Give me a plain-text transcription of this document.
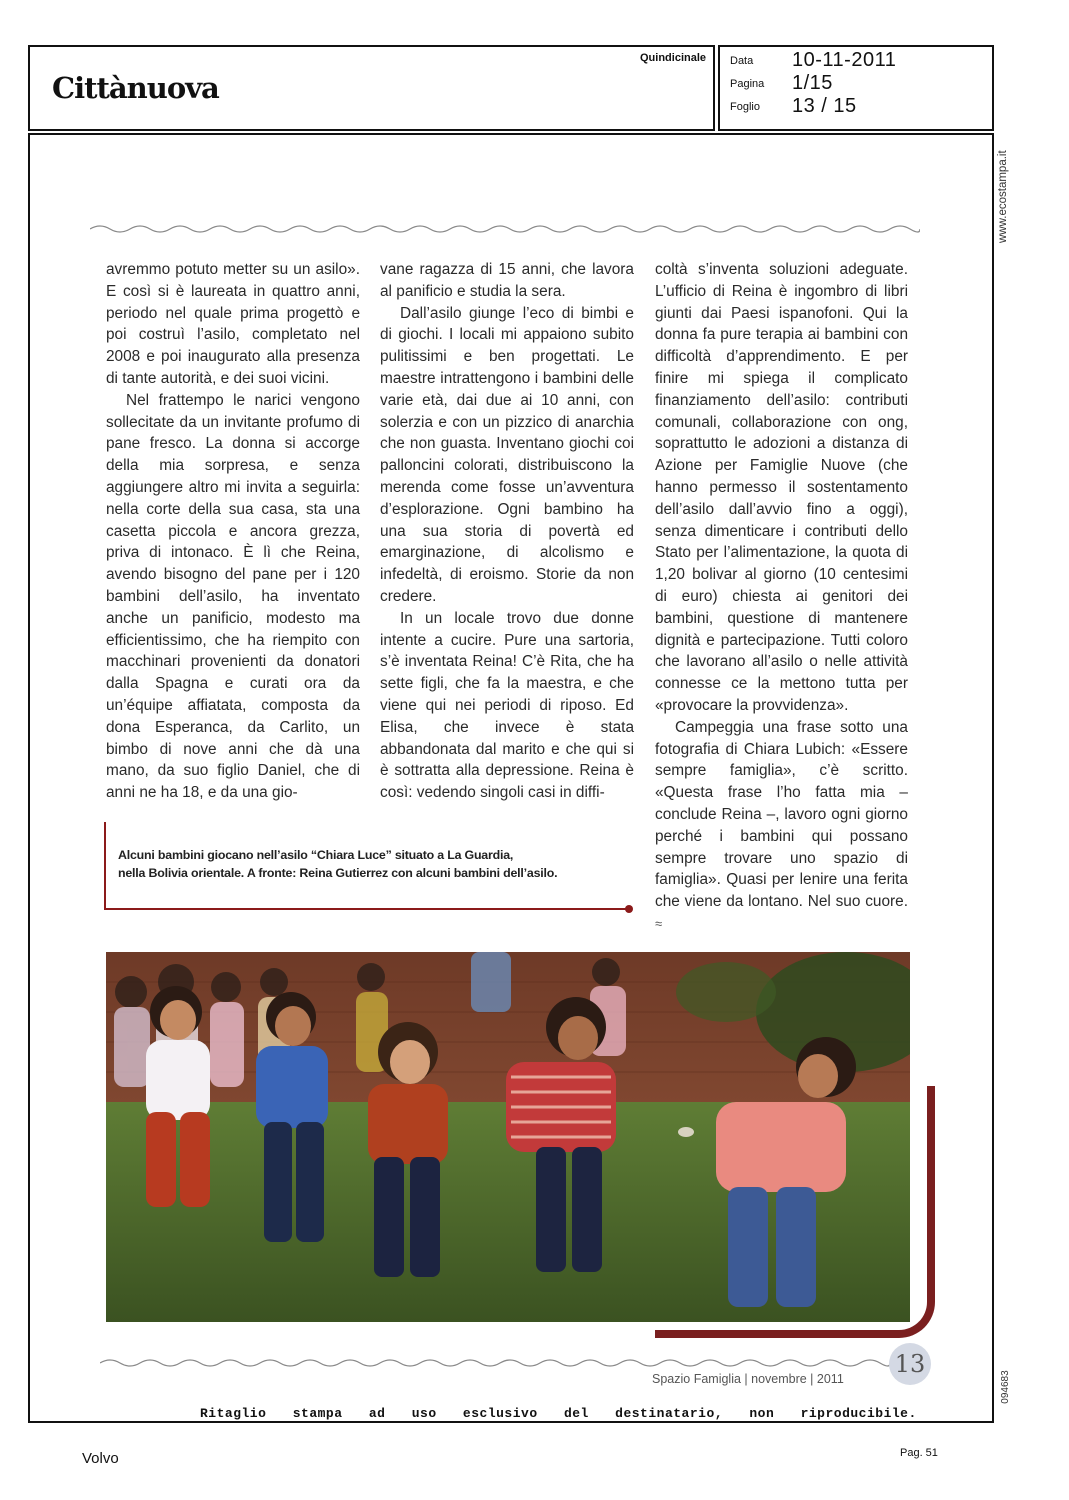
Cittànuova
Quindicinale Data 10-11-2011
Pagina 1/15
Foglio 13 / 15
www.ecostampa.it
094683

avremmo potuto metter su un asilo». E così si è laureata in quattro anni, periodo nel quale prima progettò e poi costruì l’asilo, completato nel 2008 e poi inaugurato alla presenza di tante autorità, e dei suoi vicini.

Nel frattempo le narici vengono sollecitate da un invitante profumo di pane fresco. La donna si accorge della mia sorpresa, e senza aggiungere altro mi invita a seguirla: nella corte della sua casa, sta una casetta piccola e ancora grezza, priva di intonaco. È lì che Reina, avendo bisogno del pane per i 120 bambini dell’asilo, ha inventato anche un panificio, modesto ma efficientissimo, che ha riempito con macchinari provenienti da donatori dalla Spagna e curati ora da un’équipe affiatata, composta da dona Esperanca, da Carlito, un bimbo di nove anni che dà una mano, da suo figlio Daniel, che di anni ne ha 18, e da una gio-

vane ragazza di 15 anni, che lavora al panificio e studia la sera.

Dall’asilo giunge l’eco di bimbi e di giochi. I locali mi appaiono subito pulitissimi e ben progettati. Le maestre intrattengono i bambini delle varie età, dai due ai 10 anni, con solerzia e con un pizzico di anarchia che non guasta. Inventano giochi coi palloncini colorati, distribuiscono la merenda come fosse un’avventura d’esplorazione. Ogni bambino ha una sua storia di povertà ed emarginazione, di alcolismo e infedeltà, di eroismo. Storie da non credere.

In un locale trovo due donne intente a cucire. Pure una sartoria, s’è inventata Reina! C’è Rita, che ha sette figli, che fa la maestra, e che viene qui nei periodi di riposo. Ed Elisa, che invece è stata abbandonata dal marito e che qui si è sottratta alla depressione. Reina è così: vedendo singoli casi in diffi-

coltà s’inventa soluzioni adeguate. L’ufficio di Reina è ingombro di libri giunti dai Paesi ispanofoni. Qui la donna fa pure terapia ai bambini con difficoltà d’apprendimento. E per finire mi spiega il complicato finanziamento dell’asilo: contributi comunali, collaborazione con ong, soprattutto le adozioni a distanza di Azione per Famiglie Nuove (che hanno permesso il sostentamento dell’asilo dall’avvio fino a oggi), senza dimenticare i contributi dello Stato per l’alimentazione, la quota di 1,20 bolivar al giorno (10 centesimi di euro) chiesta ai genitori dei bambini, questione di mantenere dignità e partecipazione. Tutti coloro che lavorano all’asilo o nelle attività connesse ce la mettono tutta per «provocare la provvidenza».

Campeggia una frase sotto una fotografia di Chiara Lubich: «Essere sempre famiglia», c’è scritto. «Questa frase l’ho fatta mia – conclude Reina –, lavoro ogni giorno perché i bambini qui possano sempre trovare uno spazio di famiglia». Quasi per lenire una ferita che viene da lontano. Nel suo cuore. ≈

Alcuni bambini giocano nell’asilo “Chiara Luce” situato a La Guardia,
nella Bolivia orientale. A fronte: Reina Gutierrez con alcuni bambini dell’asilo.
13
Spazio Famiglia | novembre | 2011
Ritaglio stampa ad uso esclusivo del destinatario, non riproducibile.
Volvo	Pag. 51
